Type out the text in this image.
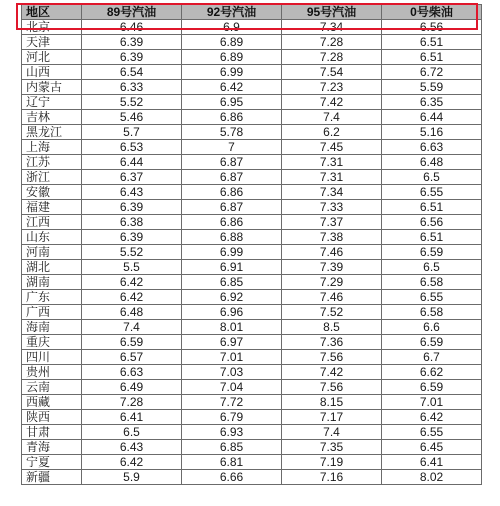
地区	89号汽油	92号汽油	95号汽油	0号柴油
北京	6.46	6.9	7.34	6.56
天津	6.39	6.89	7.28	6.51
河北	6.39	6.89	7.28	6.51
山西	6.54	6.99	7.54	6.72
内蒙古	6.33	6.42	7.23	5.59
辽宁	5.52	6.95	7.42	6.35
吉林	5.46	6.86	7.4	6.44
黑龙江	5.7	5.78	6.2	5.16
上海	6.53	7	7.45	6.63
江苏	6.44	6.87	7.31	6.48
浙江	6.37	6.87	7.31	6.5
安徽	6.43	6.86	7.34	6.55
福建	6.39	6.87	7.33	6.51
江西	6.38	6.86	7.37	6.56
山东	6.39	6.88	7.38	6.51
河南	5.52	6.99	7.46	6.59
湖北	5.5	6.91	7.39	6.5
湖南	6.42	6.85	7.29	6.58
广东	6.42	6.92	7.46	6.55
广西	6.48	6.96	7.52	6.58
海南	7.4	8.01	8.5	6.6
重庆	6.59	6.97	7.36	6.59
四川	6.57	7.01	7.56	6.7
贵州	6.63	7.03	7.42	6.62
云南	6.49	7.04	7.56	6.59
西藏	7.28	7.72	8.15	7.01
陕西	6.41	6.79	7.17	6.42
甘肃	6.5	6.93	7.4	6.55
青海	6.43	6.85	7.35	6.45
宁夏	6.42	6.81	7.19	6.41
新疆	5.9	6.66	7.16	8.02
